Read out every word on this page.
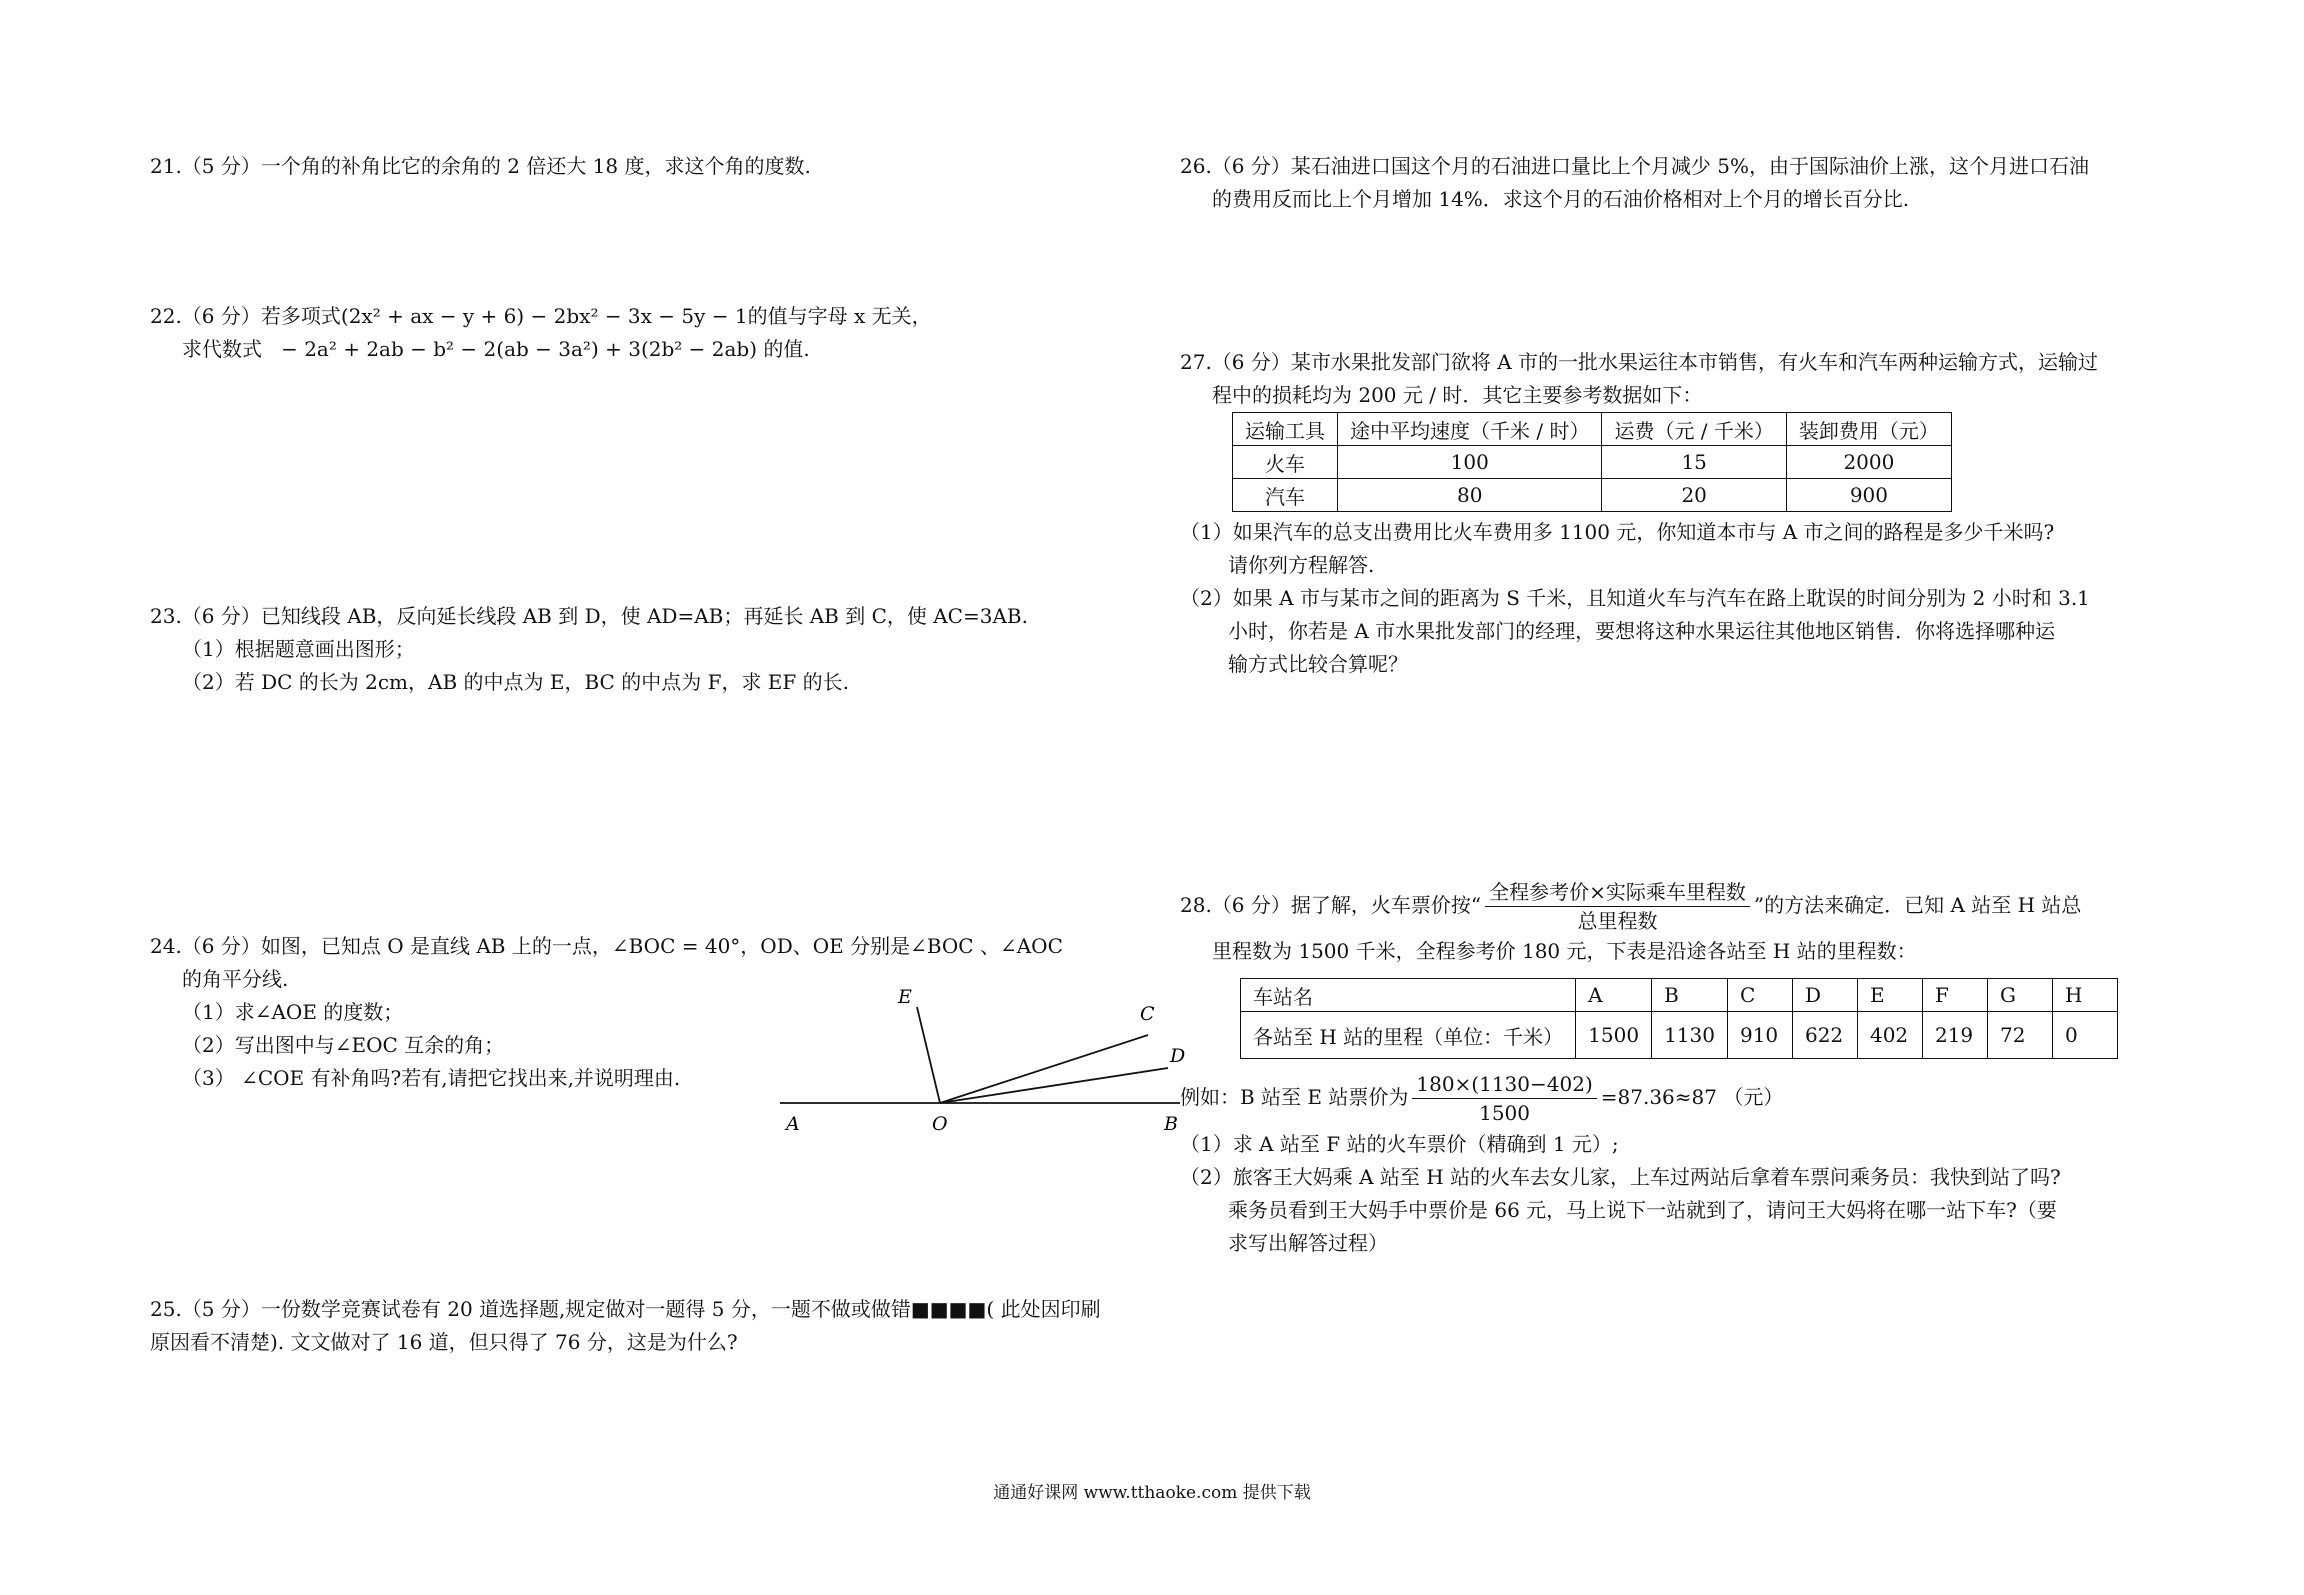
21.（5 分）一个角的补角比它的余角的 2 倍还大 18 度，求这个角的度数.
22.（6 分）若多项式(2x² + ax − y + 6) − 2bx² − 3x − 5y − 1的值与字母 x 无关，
求代数式 − 2a² + 2ab − b² − 2(ab − 3a²) + 3(2b² − 2ab) 的值.
23.（6 分）已知线段 AB，反向延长线段 AB 到 D，使 AD=AB；再延长 AB 到 C，使 AC=3AB.
（1）根据题意画出图形；
（2）若 DC 的长为 2cm，AB 的中点为 E，BC 的中点为 F，求 EF 的长.
24.（6 分）如图，已知点 O 是直线 AB 上的一点，∠BOC = 40°，OD、OE 分别是∠BOC 、∠AOC
的角平分线.
（1）求∠AOE 的度数；
（2）写出图中与∠EOC 互余的角；
（3） ∠COE 有补角吗?若有,请把它找出来,并说明理由.
A	O	B
C
D
E
25.（5 分）一份数学竞赛试卷有 20 道选择题,规定做对一题得 5 分，一题不做或做错■■■■( 此处因印刷
原因看不清楚). 文文做对了 16 道，但只得了 76 分，这是为什么?
26.（6 分）某石油进口国这个月的石油进口量比上个月减少 5%，由于国际油价上涨，这个月进口石油
的费用反而比上个月增加 14%．求这个月的石油价格相对上个月的增长百分比.
27.（6 分）某市水果批发部门欲将 A 市的一批水果运往本市销售，有火车和汽车两种运输方式，运输过
程中的损耗均为 200 元 / 时．其它主要参考数据如下：
运输工具	途中平均速度（千米 / 时）	运费（元 / 千米）	装卸费用（元）
火车	100	15	2000
汽车	80	20	900
（1）如果汽车的总支出费用比火车费用多 1100 元，你知道本市与 A 市之间的路程是多少千米吗?
请你列方程解答.
（2）如果 A 市与某市之间的距离为 S 千米，且知道火车与汽车在路上耽误的时间分别为 2 小时和 3.1
小时，你若是 A 市水果批发部门的经理，要想将这种水果运往其他地区销售．你将选择哪种运
输方式比较合算呢？
28.（6 分）据了解，火车票价按“ $\frac{\text{全程参考价×实际乘车里程数}}{\text{总里程数}}$ ”的方法来确定．已知 A 站至 H 站总
里程数为 1500 千米，全程参考价 180 元，下表是沿途各站至 H 站的里程数：
车站名	A	B	C	D	E	F	G	H
各站至 H 站的里程（单位：千米）	1500	1130	910	622	402	219	72	0
例如：B 站至 E 站票价为 $\frac{180\times(1130-402)}{1500} =87.36\approx 87$ （元）
（1）求 A 站至 F 站的火车票价（精确到 1 元）;
（2）旅客王大妈乘 A 站至 H 站的火车去女儿家，上车过两站后拿着车票问乘务员：我快到站了吗?
乘务员看到王大妈手中票价是 66 元，马上说下一站就到了，请问王大妈将在哪一站下车?（要
求写出解答过程）
通通好课网 www.tthaoke.com 提供下载
